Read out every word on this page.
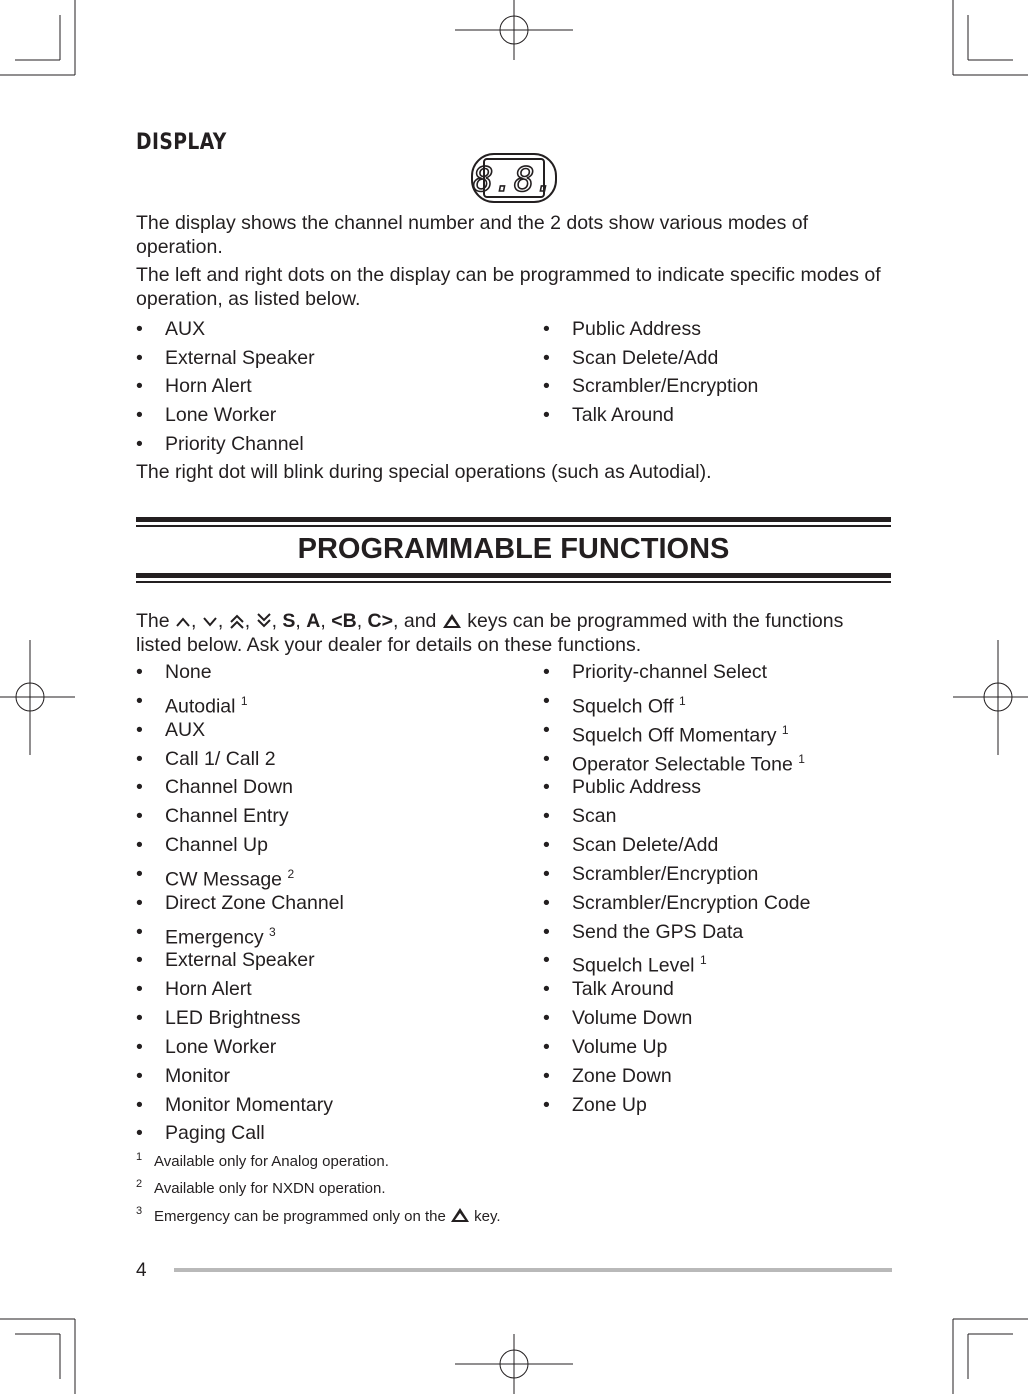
DISPLAY
8.8.
The display shows the channel number and the 2 dots show various modes of operation.
The left and right dots on the display can be programmed to indicate specific modes of operation, as listed below.
• AUX
• External Speaker
• Horn Alert
• Lone Worker
• Priority Channel
• Public Address
• Scan Delete/Add
• Scrambler/Encryption
• Talk Around
The right dot will blink during special operations (such as Autodial).
PROGRAMMABLE FUNCTIONS
The , , , , S, A, <B, C>, and keys can be programmed with the functions
listed below. Ask your dealer for details on these functions.
• None
• Autodial $^1$
• AUX
• Call 1/ Call 2
• Channel Down
• Channel Entry
• Channel Up
• CW Message $^2$
• Direct Zone Channel
• Emergency $^3$
• External Speaker
• Horn Alert
• LED Brightness
• Lone Worker
• Monitor
• Monitor Momentary
• Paging Call
• Priority-channel Select
• Squelch Off $^1$
• Squelch Off Momentary $^1$
• Operator Selectable Tone $^1$
• Public Address
• Scan
• Scan Delete/Add
• Scrambler/Encryption
• Scrambler/Encryption Code
• Send the GPS Data
• Squelch Level $^1$
• Talk Around
• Volume Down
• Volume Up
• Zone Down
• Zone Up
1 Available only for Analog operation.
2 Available only for NXDN operation.
3 Emergency can be programmed only on the key.
4
